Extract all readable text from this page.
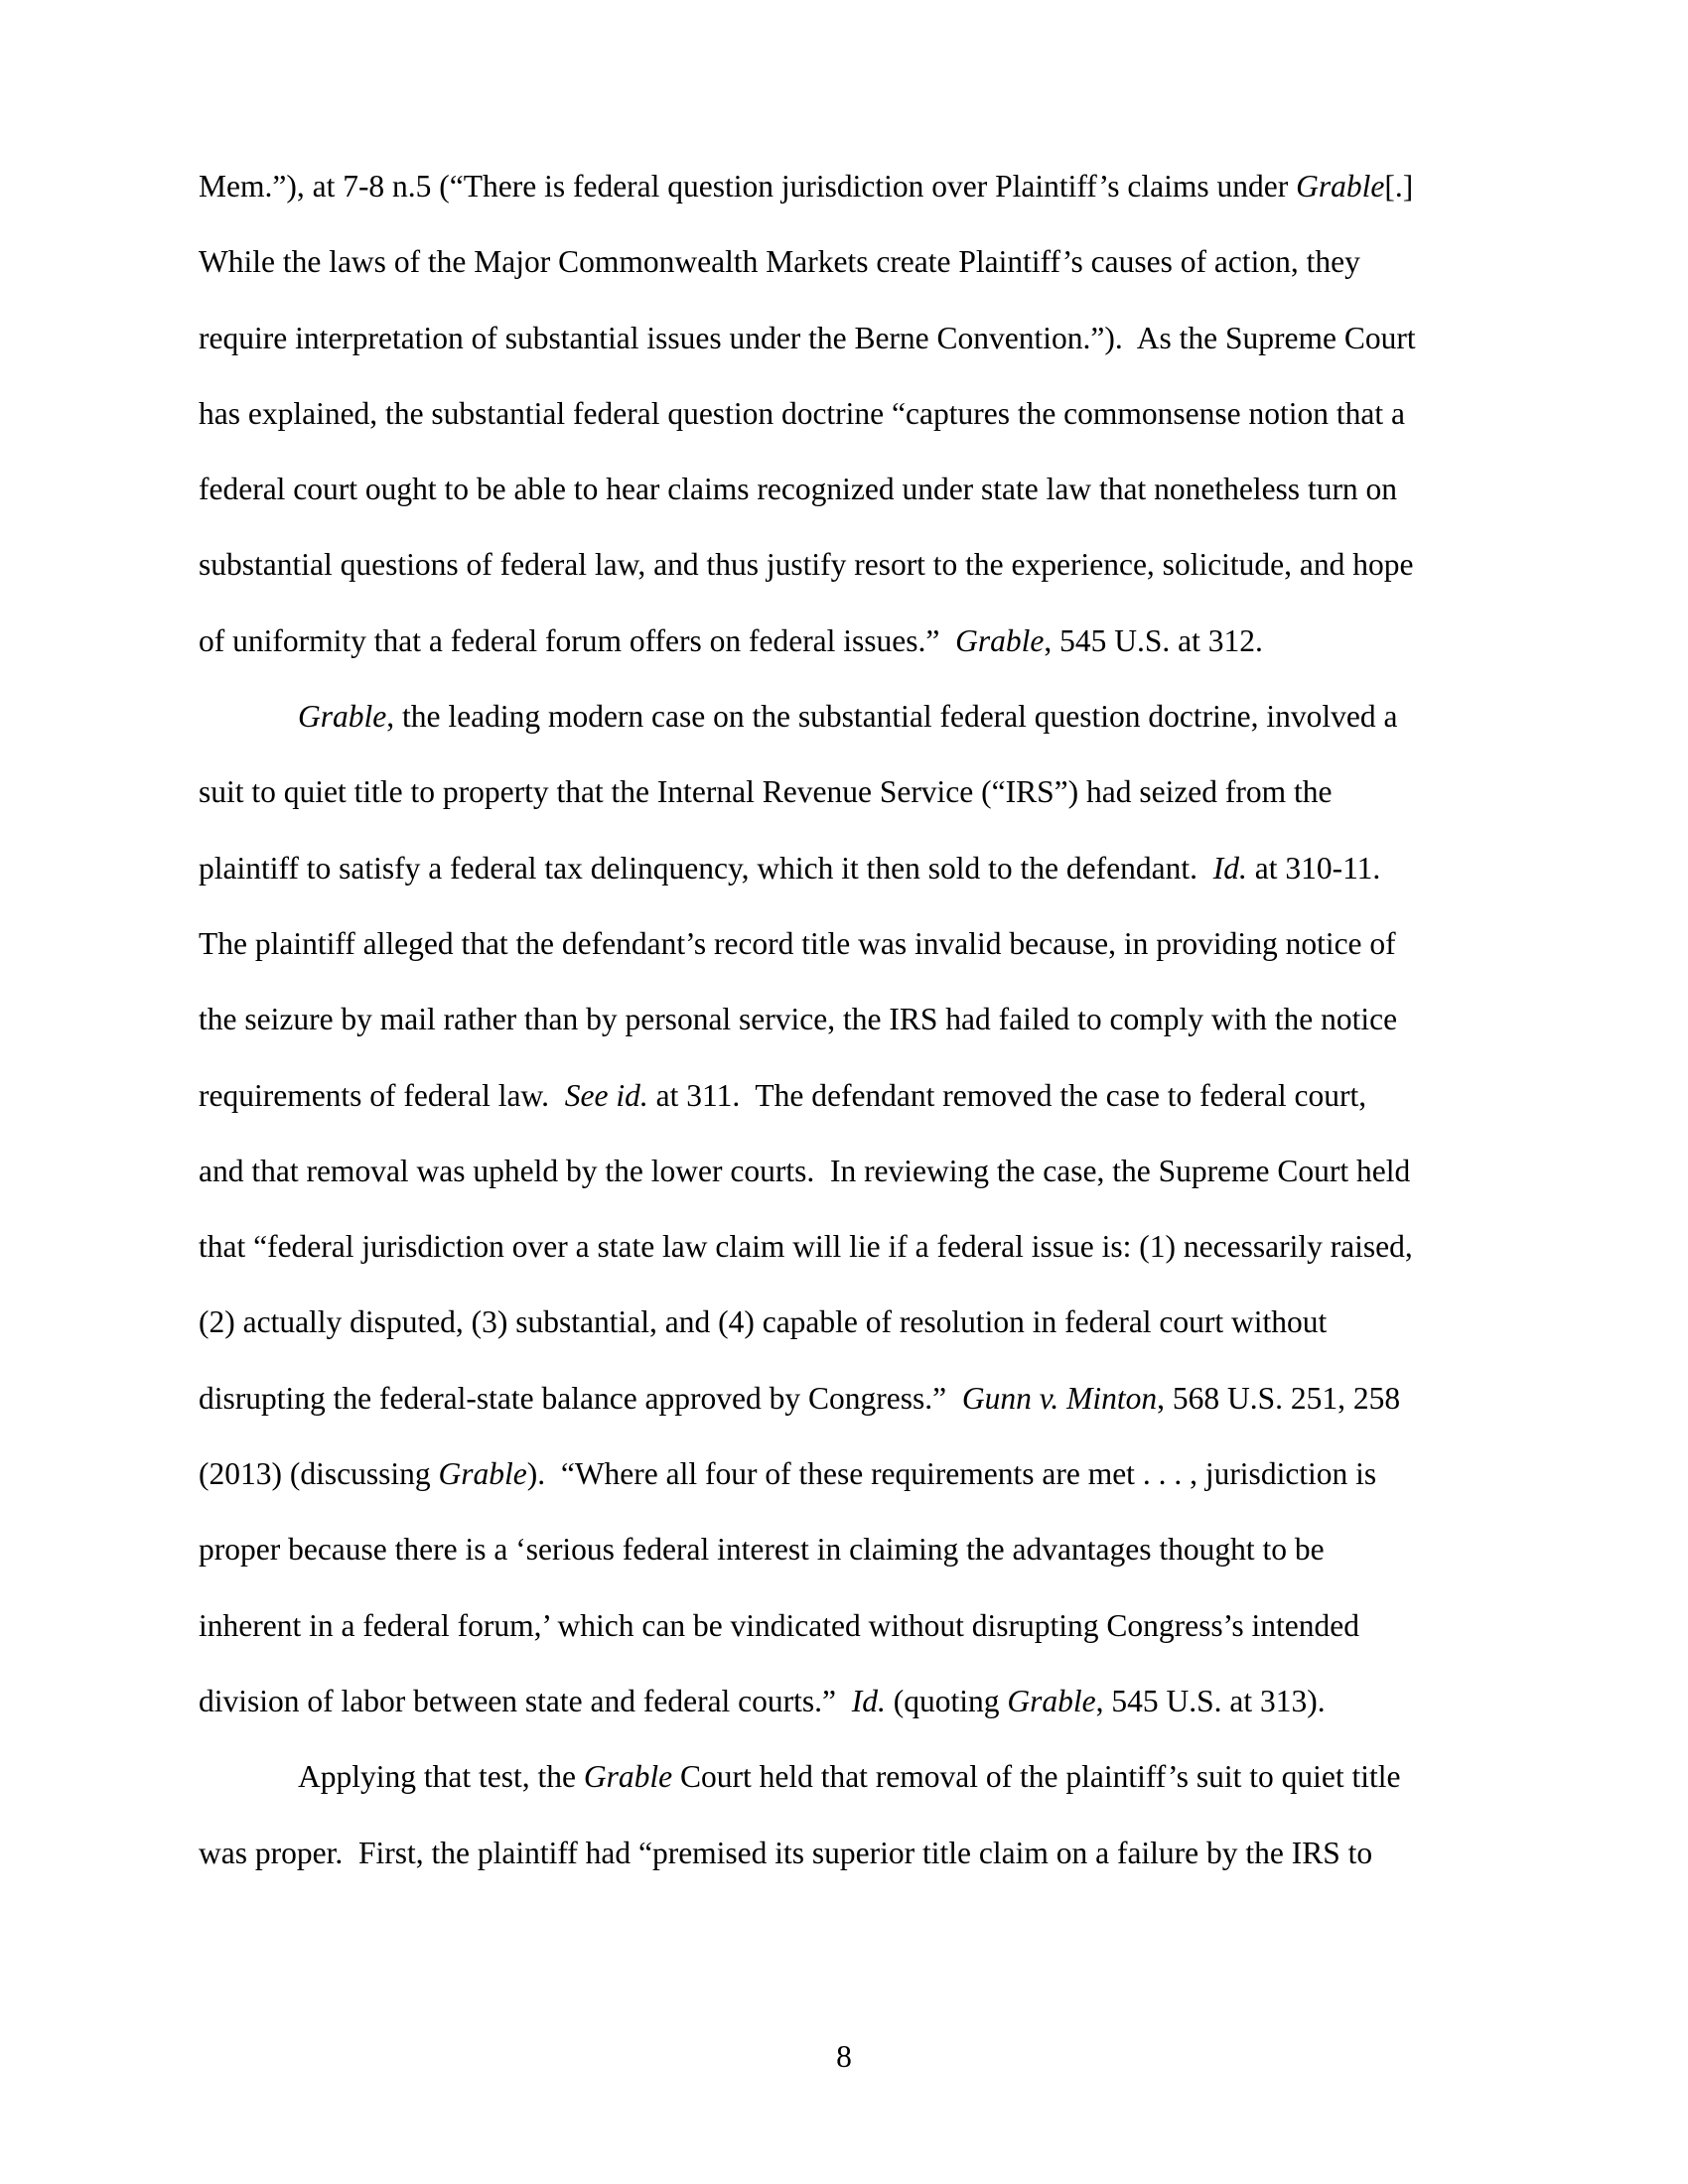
Mem.”), at 7-8 n.5 (“There is federal question jurisdiction over Plaintiff’s claims under Grable[.]
While the laws of the Major Commonwealth Markets create Plaintiff’s causes of action, they
require interpretation of substantial issues under the Berne Convention.”).  As the Supreme Court
has explained, the substantial federal question doctrine “captures the commonsense notion that a
federal court ought to be able to hear claims recognized under state law that nonetheless turn on
substantial questions of federal law, and thus justify resort to the experience, solicitude, and hope
of uniformity that a federal forum offers on federal issues.”  Grable, 545 U.S. at 312.
Grable, the leading modern case on the substantial federal question doctrine, involved a
suit to quiet title to property that the Internal Revenue Service (“IRS”) had seized from the
plaintiff to satisfy a federal tax delinquency, which it then sold to the defendant.  Id. at 310-11.
The plaintiff alleged that the defendant’s record title was invalid because, in providing notice of
the seizure by mail rather than by personal service, the IRS had failed to comply with the notice
requirements of federal law.  See id. at 311.  The defendant removed the case to federal court,
and that removal was upheld by the lower courts.  In reviewing the case, the Supreme Court held
that “federal jurisdiction over a state law claim will lie if a federal issue is: (1) necessarily raised,
(2) actually disputed, (3) substantial, and (4) capable of resolution in federal court without
disrupting the federal-state balance approved by Congress.”  Gunn v. Minton, 568 U.S. 251, 258
(2013) (discussing Grable).  “Where all four of these requirements are met . . . , jurisdiction is
proper because there is a ‘serious federal interest in claiming the advantages thought to be
inherent in a federal forum,’ which can be vindicated without disrupting Congress’s intended
division of labor between state and federal courts.”  Id. (quoting Grable, 545 U.S. at 313).
Applying that test, the Grable Court held that removal of the plaintiff’s suit to quiet title
was proper.  First, the plaintiff had “premised its superior title claim on a failure by the IRS to
8
